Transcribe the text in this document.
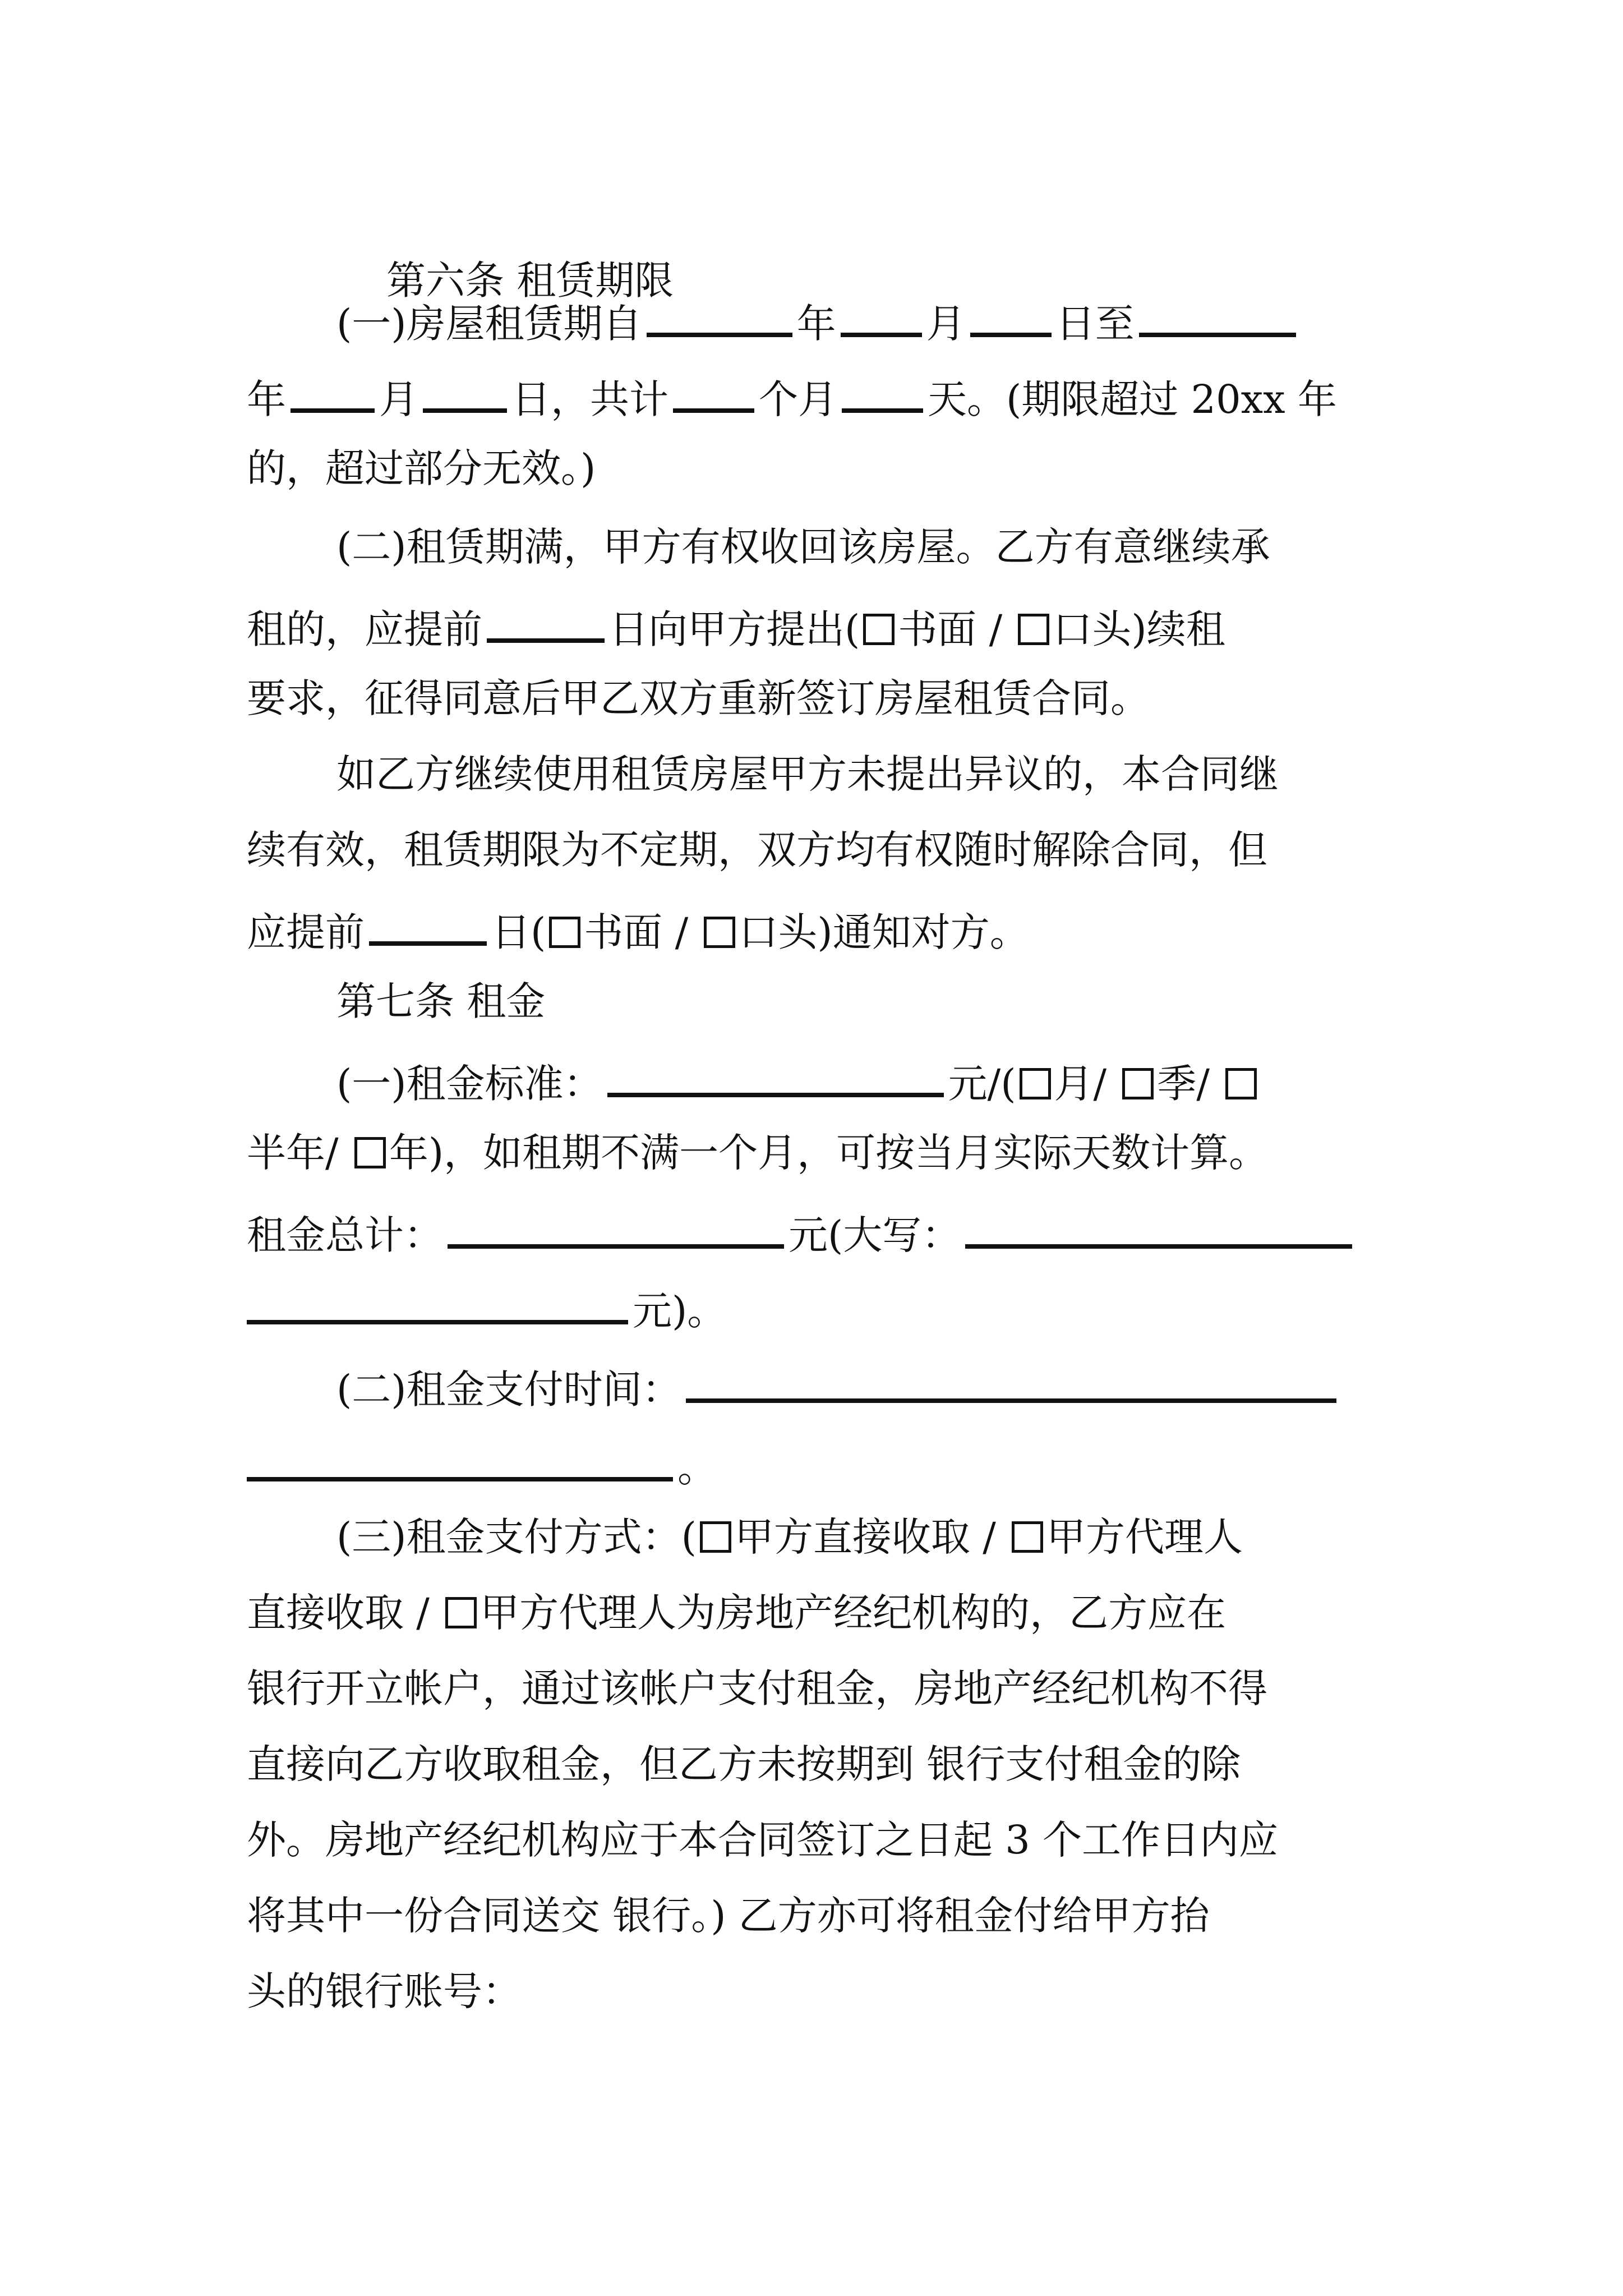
第六条 租赁期限

(一)房屋租赁期自	年 月 日至
年 月 日，共计 个月 天。(期限超过 20xx 年
的，超过部分无效。)
(二)租赁期满，甲方有权收回该房屋。乙方有意继续承
租的，应提前	日向甲方提出( 书面 / 口头)续租
要求，征得同意后甲乙双方重新签订房屋租赁合同。
如乙方继续使用租赁房屋甲方未提出异议的，本合同继
续有效，租赁期限为不定期，双方均有权随时解除合同，但
应提前	日( 书面 / 口头)通知对方。
第七条 租金
(一)租金标准：	元/( 月/ 季/
半年/ 年)，如租期不满一个月，可按当月实际天数计算。
租金总计：	元(大写：
元)。
(二)租金支付时间：
。
(三)租金支付方式：( 甲方直接收取 / 甲方代理人
直接收取 / 甲方代理人为房地产经纪机构的，乙方应在
银行开立帐户，通过该帐户支付租金，房地产经纪机构不得
直接向乙方收取租金，但乙方未按期到 银行支付租金的除
外。房地产经纪机构应于本合同签订之日起 3 个工作日内应
将其中一份合同送交 银行。) 乙方亦可将租金付给甲方抬
头的银行账号：
